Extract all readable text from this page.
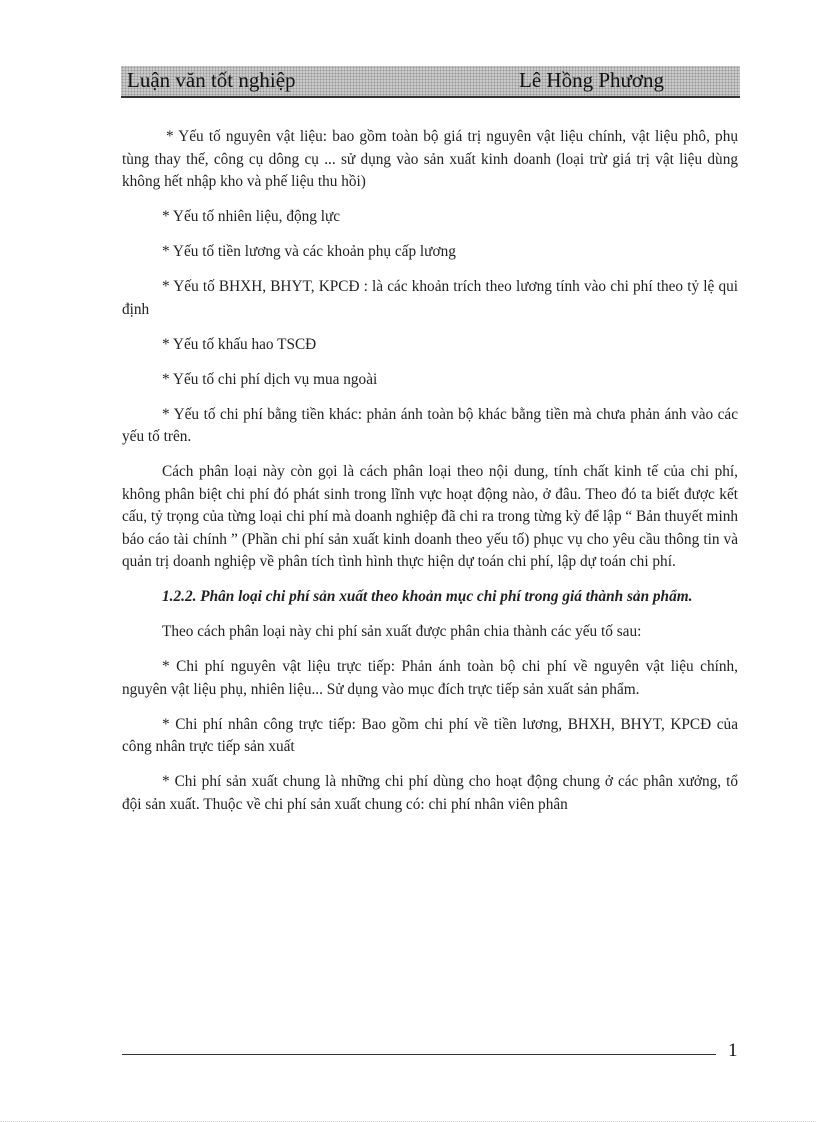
Luận văn tốt nghiệp	Lê Hồng Phương

* Yếu tố nguyên vật liệu: bao gồm toàn bộ giá trị nguyên vật liệu chính, vật liệu phô, phụ tùng thay thế, công cụ dông cụ ... sử dụng vào sản xuất kinh doanh (loại trừ giá trị vật liệu dùng không hết nhập kho và phế liệu thu hồi)

* Yếu tố nhiên liệu, động lực

* Yếu tố tiền lương và các khoản phụ cấp lương

* Yếu tố BHXH, BHYT, KPCĐ : là các khoản trích theo lương tính vào chi phí theo tỷ lệ qui định

* Yếu tố khấu hao TSCĐ

* Yếu tố chi phí dịch vụ mua ngoài

* Yếu tố chi phí bằng tiền khác: phản ánh toàn bộ khác bằng tiền mà chưa phản ánh vào các yếu tố trên.

Cách phân loại này còn gọi là cách phân loại theo nội dung, tính chất kinh tế của chi phí, không phân biệt chi phí đó phát sinh trong lĩnh vực hoạt động nào, ở đâu. Theo đó ta biết được kết cấu, tỷ trọng của từng loại chi phí mà doanh nghiệp đã chi ra trong từng kỳ để lập “ Bản thuyết minh báo cáo tài chính ” (Phần chi phí sản xuất kinh doanh theo yếu tố) phục vụ cho yêu cầu thông tin và quản trị doanh nghiệp về phân tích tình hình thực hiện dự toán chi phí, lập dự toán chi phí.

1.2.2. Phân loại chi phí sản xuất theo khoản mục chi phí trong giá thành sản phẩm.

Theo cách phân loại này chi phí sản xuất được phân chia thành các yếu tố sau:

* Chi phí nguyên vật liệu trực tiếp: Phản ánh toàn bộ chi phí về nguyên vật liệu chính, nguyên vật liệu phụ, nhiên liệu... Sử dụng vào mục đích trực tiếp sản xuất sản phẩm.

* Chi phí nhân công trực tiếp: Bao gồm chi phí về tiền lương, BHXH, BHYT, KPCĐ của công nhân trực tiếp sản xuất

* Chi phí sản xuất chung là những chi phí dùng cho hoạt động chung ở các phân xưởng, tổ đội sản xuất. Thuộc về chi phí sản xuất chung có: chi phí nhân viên phân

1
